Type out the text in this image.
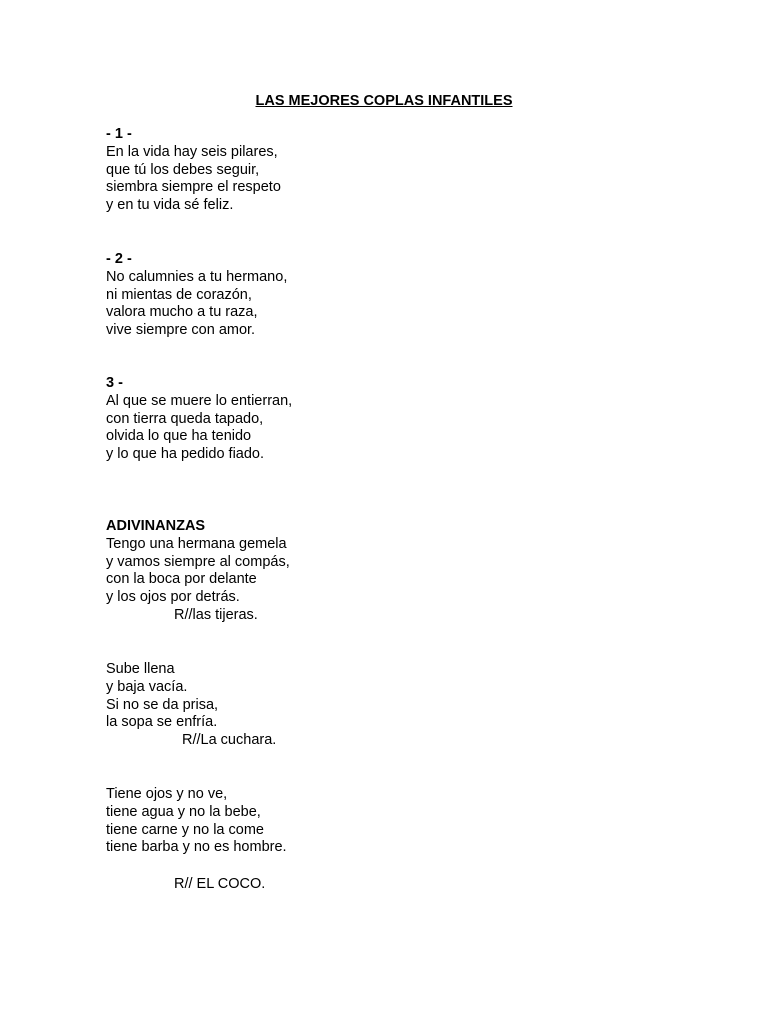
LAS MEJORES COPLAS INFANTILES
- 1 -
En la vida hay seis pilares,
que tú los debes seguir,
siembra siempre el respeto
y en tu vida sé feliz.
- 2 -
No calumnies a tu hermano,
ni mientas de corazón,
valora mucho a tu raza,
vive siempre con amor.
3 -
Al que se muere lo entierran,
con tierra queda tapado,
olvida lo que ha tenido
y lo que ha pedido fiado.
ADIVINANZAS
Tengo una hermana gemela
y vamos siempre al compás,
con la boca por delante
y los ojos por detrás.
R//las tijeras.
Sube llena
y baja vacía.
Si no se da prisa,
la sopa se enfría.
R//La cuchara.
Tiene ojos y no ve,
tiene agua y no la bebe,
tiene carne y no la come
tiene barba y no es hombre.
R// EL COCO.
